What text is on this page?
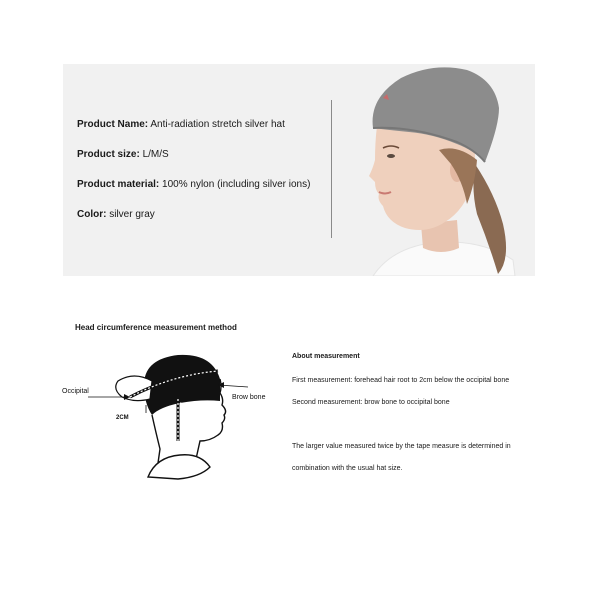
Product Name: Anti-radiation stretch silver hat
Product size: L/M/S
Product material: 100% nylon (including silver ions)
Color: silver gray
Head circumference measurement method
Occipital
Brow bone
2CM
About measurement
First measurement: forehead hair root to 2cm below the occipital bone
Second measurement: brow bone to occipital bone
The larger value measured twice by the tape measure is determined in
combination with the usual hat size.
